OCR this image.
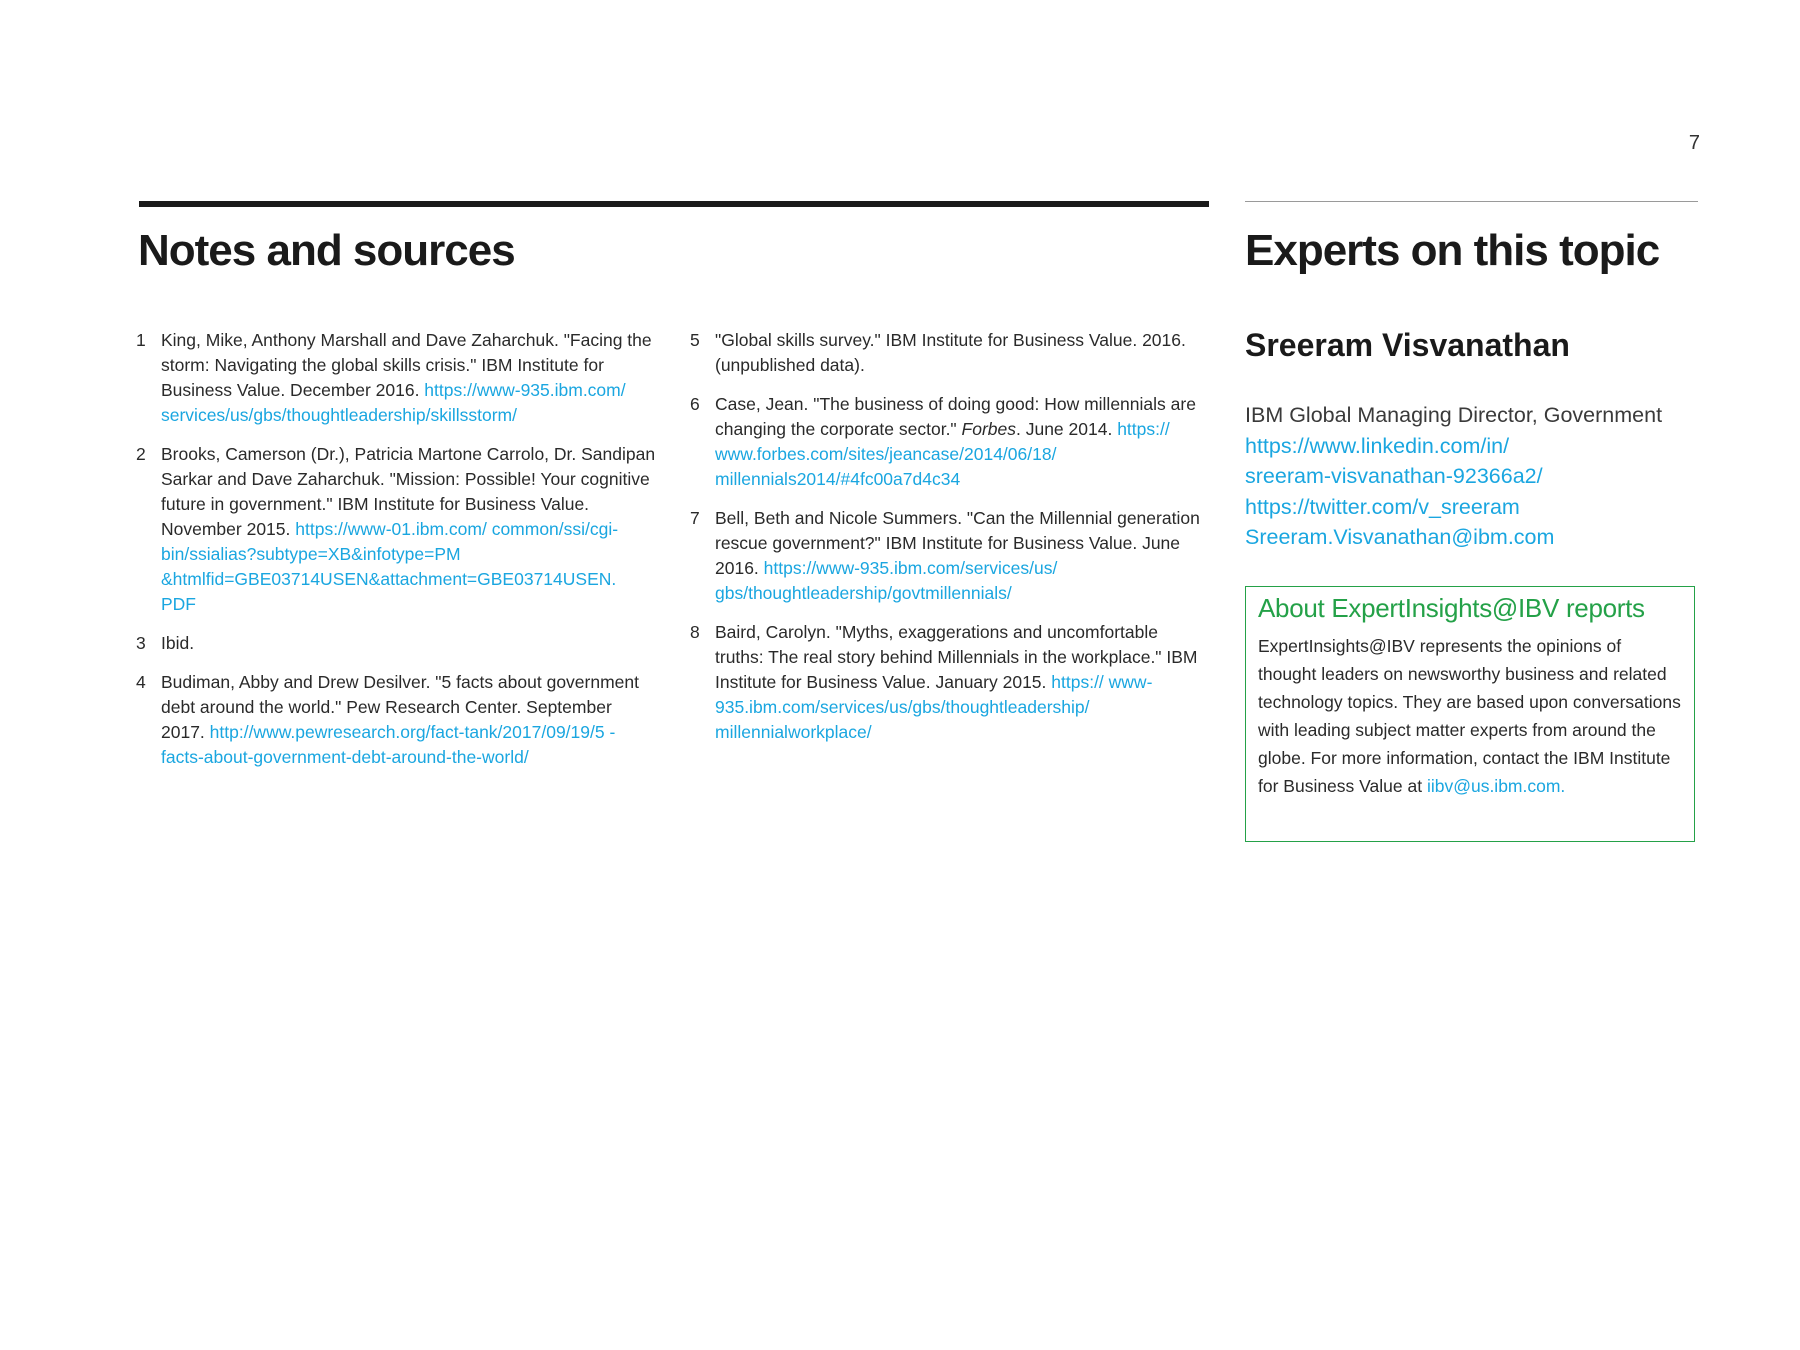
7
Notes and sources	Experts on this topic
1 King, Mike, Anthony Marshall and Dave Zaharchuk. "Facing the storm: Navigating the global skills crisis." IBM Institute for Business Value. December 2016. https://www-935.ibm.com/ services/us/gbs/thoughtleadership/skillsstorm/
2 Brooks, Camerson (Dr.), Patricia Martone Carrolo, Dr. Sandipan Sarkar and Dave Zaharchuk. "Mission: Possible! Your cognitive future in government." IBM Institute for Business Value. November 2015. https://www-01.ibm.com/ common/ssi/cgi-bin/ssialias?subtype=XB&infotype=PM &htmlfid=GBE03714USEN&attachment=GBE03714USEN. PDF
3 Ibid.
4 Budiman, Abby and Drew Desilver. "5 facts about government debt around the world." Pew Research Center. September 2017. http://www.pewresearch.org/fact-tank/2017/09/19/5 -facts-about-government-debt-around-the-world/
5 "Global skills survey." IBM Institute for Business Value. 2016. (unpublished data).
6 Case, Jean. "The business of doing good: How millennials are changing the corporate sector." Forbes. June 2014. https:// www.forbes.com/sites/jeancase/2014/06/18/ millennials2014/#4fc00a7d4c34
7 Bell, Beth and Nicole Summers. "Can the Millennial generation rescue government?" IBM Institute for Business Value. June 2016. https://www-935.ibm.com/services/us/ gbs/thoughtleadership/govtmillennials/
8 Baird, Carolyn. "Myths, exaggerations and uncomfortable truths: The real story behind Millennials in the workplace." IBM Institute for Business Value. January 2015. https:// www-935.ibm.com/services/us/gbs/thoughtleadership/ millennialworkplace/
Sreeram Visvanathan
IBM Global Managing Director, Government
https://www.linkedin.com/in/
sreeram-visvanathan-92366a2/
https://twitter.com/v_sreeram
Sreeram.Visvanathan@ibm.com
About ExpertInsights@IBV reports
ExpertInsights@IBV represents the opinions of thought leaders on newsworthy business and related technology topics. They are based upon conversations with leading subject matter experts from around the globe. For more information, contact the IBM Institute for Business Value at iibv@us.ibm.com.
